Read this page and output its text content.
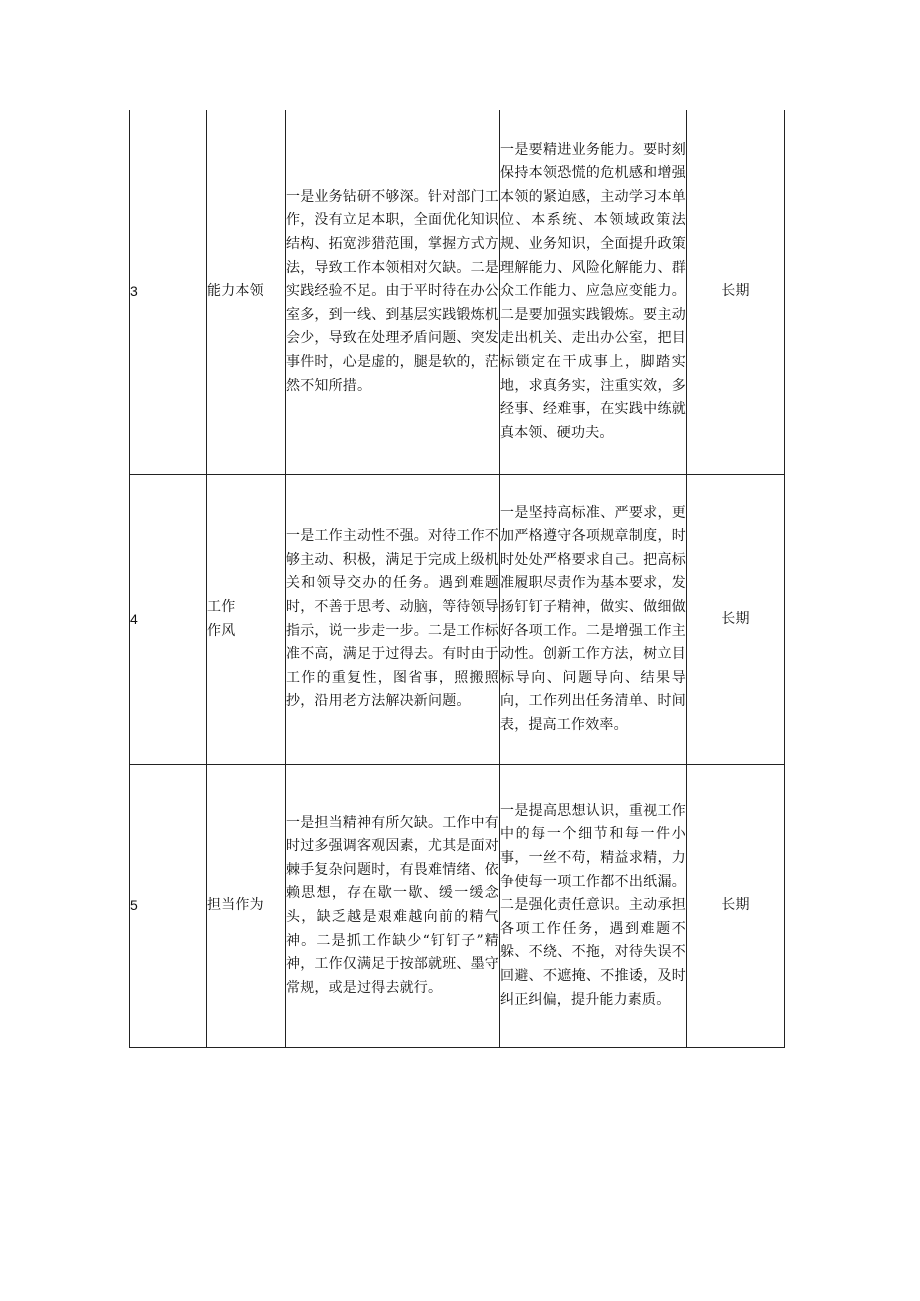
3	能力本领	一是业务钻研不够深。针对部门工作，没有立足本职，全面优化知识结构、拓宽涉猎范围，掌握方式方法，导致工作本领相对欠缺。二是实践经验不足。由于平时待在办公室多，到一线、到基层实践锻炼机会少，导致在处理矛盾问题、突发事件时，心是虚的，腿是软的，茫然不知所措。	一是要精进业务能力。要时刻保持本领恐慌的危机感和增强本领的紧迫感，主动学习本单位、本系统、本领域政策法规、业务知识，全面提升政策理解能力、风险化解能力、群众工作能力、应急应变能力。二是要加强实践锻炼。要主动走出机关、走出办公室，把目标锁定在干成事上，脚踏实地，求真务实，注重实效，多经事、经难事，在实践中练就真本领、硬功夫。	长期
4	工作作风	一是工作主动性不强。对待工作不够主动、积极，满足于完成上级机关和领导交办的任务。遇到难题时，不善于思考、动脑，等待领导指示，说一步走一步。二是工作标准不高，满足于过得去。有时由于工作的重复性，图省事，照搬照抄，沿用老方法解决新问题。	一是坚持高标准、严要求，更加严格遵守各项规章制度，时时处处严格要求自己。把高标准履职尽责作为基本要求，发扬钉钉子精神，做实、做细做好各项工作。二是增强工作主动性。创新工作方法，树立目标导向、问题导向、结果导向，工作列出任务清单、时间表，提高工作效率。	长期
5	担当作为	一是担当精神有所欠缺。工作中有时过多强调客观因素，尤其是面对棘手复杂问题时，有畏难情绪、依赖思想，存在歇一歇、缓一缓念头，缺乏越是艰难越向前的精气神。二是抓工作缺少“钉钉子”精神，工作仅满足于按部就班、墨守常规，或是过得去就行。	一是提高思想认识，重视工作中的每一个细节和每一件小事，一丝不苟，精益求精，力争使每一项工作都不出纸漏。二是强化责任意识。主动承担各项工作任务，遇到难题不躲、不绕、不拖，对待失误不回避、不遮掩、不推诿，及时纠正纠偏，提升能力素质。	长期
